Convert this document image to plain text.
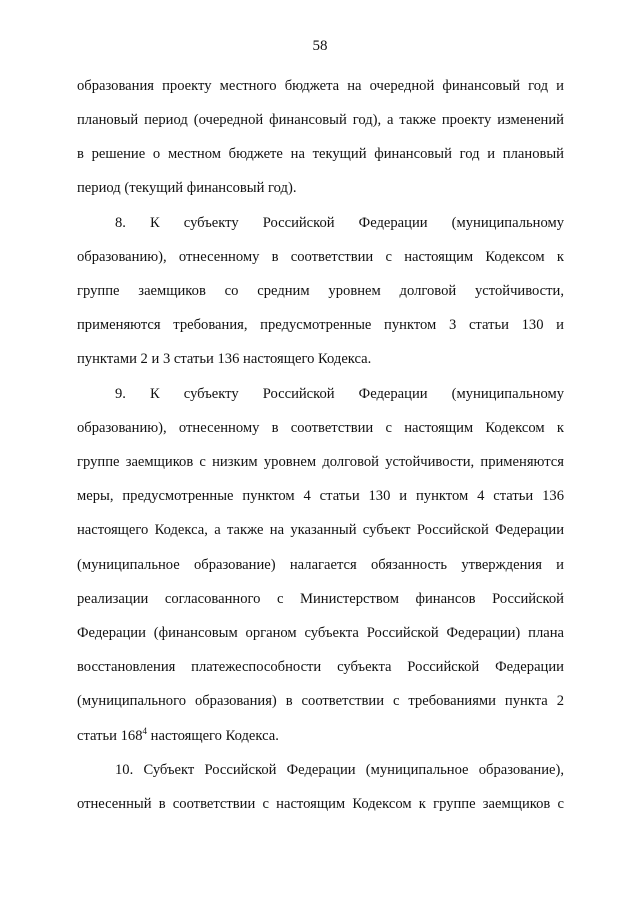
58
образования проекту местного бюджета на очередной финансовый год и
плановый период (очередной финансовый год), а также проекту изменений
в решение о местном бюджете на текущий финансовый год и плановый
период (текущий финансовый год).
8. К субъекту Российской Федерации (муниципальному
образованию), отнесенному в соответствии с настоящим Кодексом к
группе заемщиков со средним уровнем долговой устойчивости,
применяются требования, предусмотренные пунктом 3 статьи 130 и
пунктами 2 и 3 статьи 136 настоящего Кодекса.
9. К субъекту Российской Федерации (муниципальному
образованию), отнесенному в соответствии с настоящим Кодексом к
группе заемщиков с низким уровнем долговой устойчивости, применяются
меры, предусмотренные пунктом 4 статьи 130 и пунктом 4 статьи 136
настоящего Кодекса, а также на указанный субъект Российской Федерации
(муниципальное образование) налагается обязанность утверждения и
реализации согласованного с Министерством финансов Российской
Федерации (финансовым органом субъекта Российской Федерации) плана
восстановления платежеспособности субъекта Российской Федерации
(муниципального образования) в соответствии с требованиями пункта 2
статьи $168^4$ настоящего Кодекса.
10. Субъект Российской Федерации (муниципальное образование),
отнесенный в соответствии с настоящим Кодексом к группе заемщиков с
